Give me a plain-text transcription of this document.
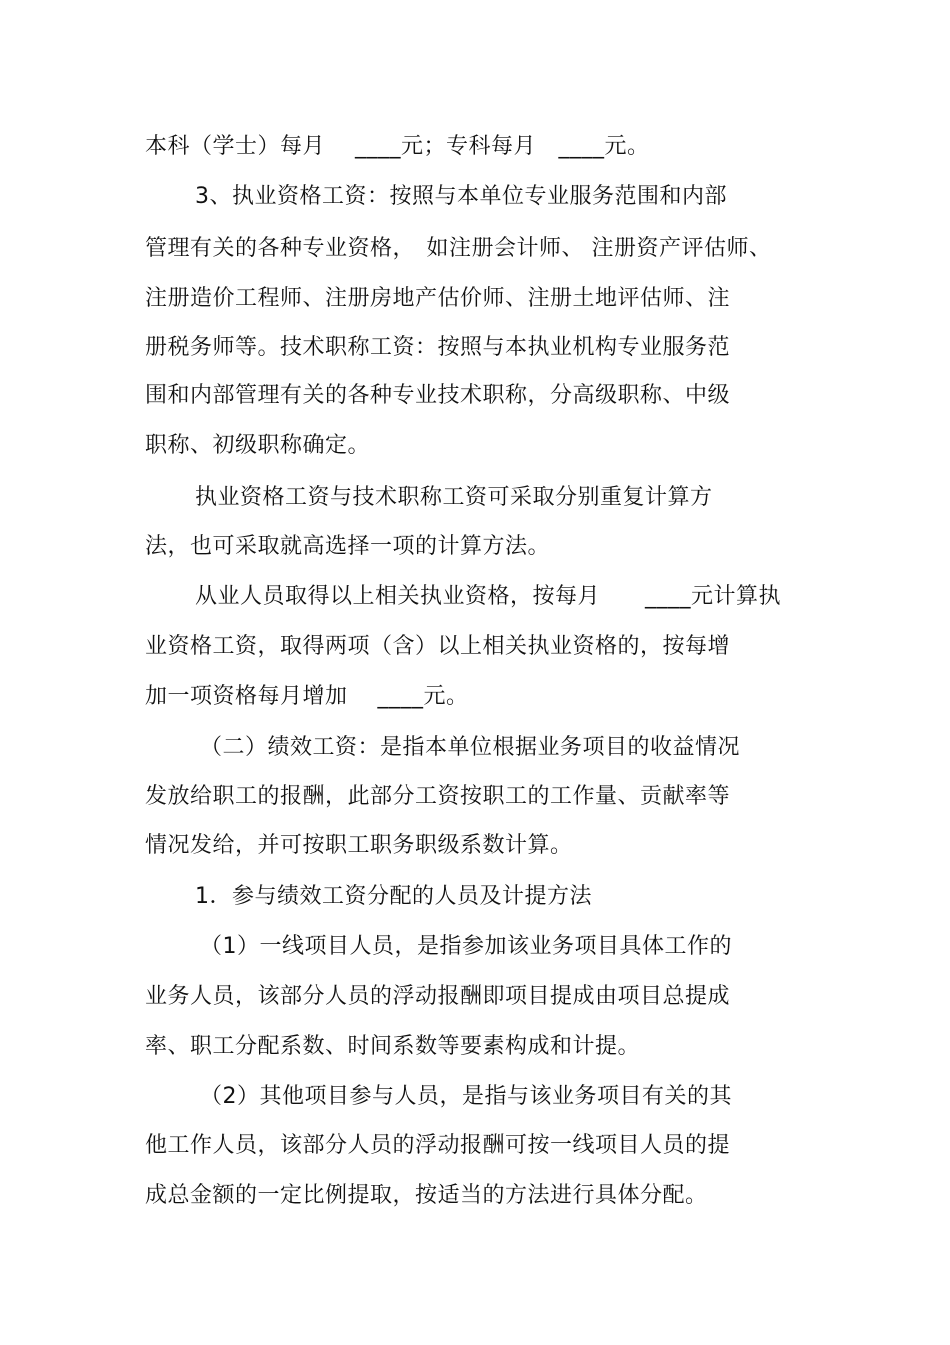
本科（学士）每月　 ____元；专科每月　____元。
3、执业资格工资：按照与本单位专业服务范围和内部
管理有关的各种专业资格，　如注册会计师、 注册资产评估师、
注册造价工程师、注册房地产估价师、注册土地评估师、注
册税务师等。技术职称工资：按照与本执业机构专业服务范
围和内部管理有关的各种专业技术职称，分高级职称、中级
职称、初级职称确定。
执业资格工资与技术职称工资可采取分别重复计算方
法，也可采取就高选择一项的计算方法。
从业人员取得以上相关执业资格，按每月　　____元计算执
业资格工资，取得两项（含）以上相关执业资格的，按每增
加一项资格每月增加　 ____元。
（二）绩效工资：是指本单位根据业务项目的收益情况
发放给职工的报酬，此部分工资按职工的工作量、贡献率等
情况发给，并可按职工职务职级系数计算。
1．参与绩效工资分配的人员及计提方法
（1）一线项目人员，是指参加该业务项目具体工作的
业务人员，该部分人员的浮动报酬即项目提成由项目总提成
率、职工分配系数、时间系数等要素构成和计提。
（2）其他项目参与人员，是指与该业务项目有关的其
他工作人员，该部分人员的浮动报酬可按一线项目人员的提
成总金额的一定比例提取，按适当的方法进行具体分配。
